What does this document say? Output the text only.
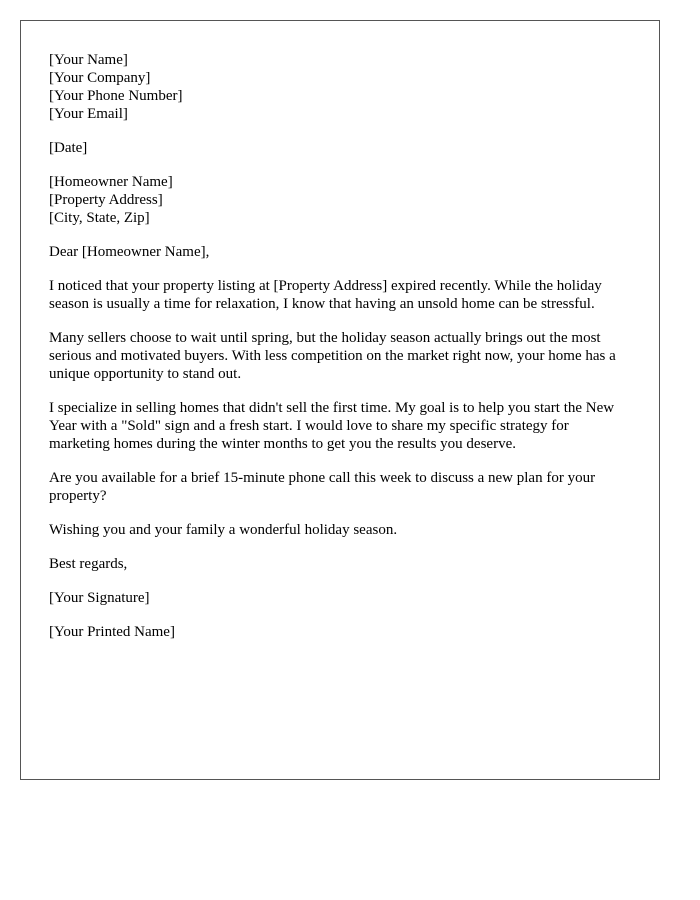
[Your Name]
[Your Company]
[Your Phone Number]
[Your Email]
[Date]
[Homeowner Name]
[Property Address]
[City, State, Zip]

Dear [Homeowner Name],

I noticed that your property listing at [Property Address] expired recently. While the holiday season is usually a time for relaxation, I know that having an unsold home can be stressful.

Many sellers choose to wait until spring, but the holiday season actually brings out the most serious and motivated buyers. With less competition on the market right now, your home has a unique opportunity to stand out.

I specialize in selling homes that didn't sell the first time. My goal is to help you start the New Year with a "Sold" sign and a fresh start. I would love to share my specific strategy for marketing homes during the winter months to get you the results you deserve.

Are you available for a brief 15-minute phone call this week to discuss a new plan for your property?

Wishing you and your family a wonderful holiday season.

Best regards,

[Your Signature]

[Your Printed Name]
